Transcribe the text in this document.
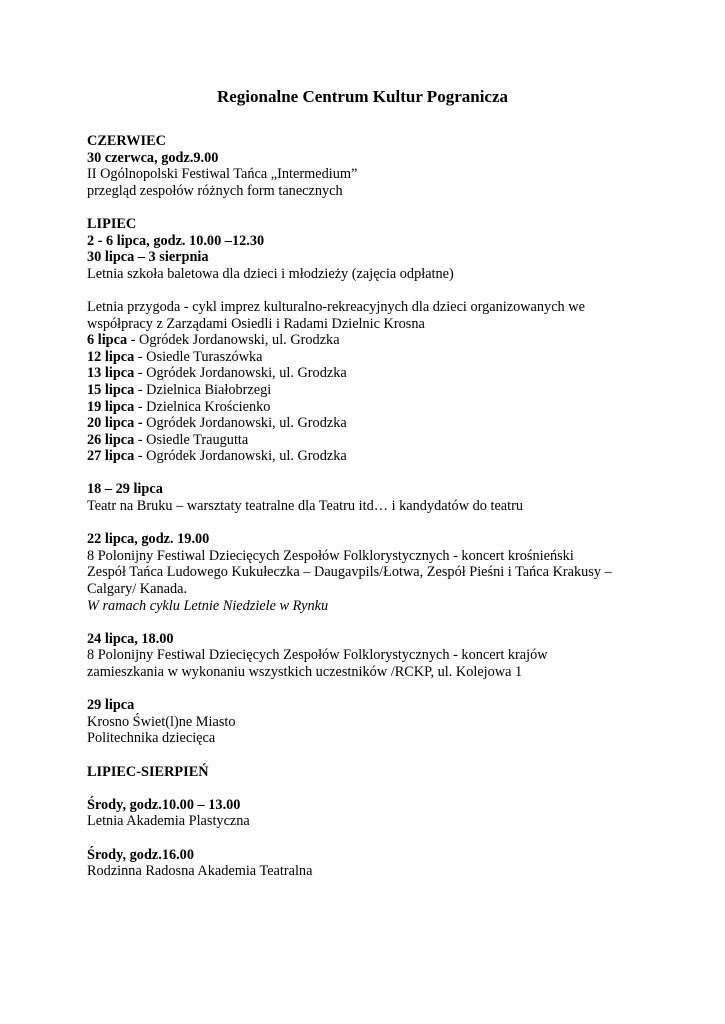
Regionalne Centrum Kultur Pogranicza
CZERWIEC
30 czerwca, godz.9.00
II Ogólnopolski Festiwal Tańca „Intermedium”
przegląd zespołów różnych form tanecznych
LIPIEC
2 - 6 lipca, godz. 10.00 –12.30
30 lipca – 3 sierpnia
Letnia szkoła baletowa dla dzieci i młodzieży (zajęcia odpłatne)
Letnia przygoda - cykl imprez kulturalno-rekreacyjnych dla dzieci organizowanych we
współpracy z Zarządami Osiedli i Radami Dzielnic Krosna
6 lipca - Ogródek Jordanowski, ul. Grodzka
12 lipca - Osiedle Turaszówka
13 lipca - Ogródek Jordanowski, ul. Grodzka
15 lipca - Dzielnica Białobrzegi
19 lipca - Dzielnica Krościenko
20 lipca - Ogródek Jordanowski, ul. Grodzka
26 lipca - Osiedle Traugutta
27 lipca - Ogródek Jordanowski, ul. Grodzka
18 – 29 lipca
Teatr na Bruku – warsztaty teatralne dla Teatru itd… i kandydatów do teatru
22 lipca, godz. 19.00
8 Polonijny Festiwal Dziecięcych Zespołów Folklorystycznych - koncert krośnieński
Zespół Tańca Ludowego Kukułeczka – Daugavpils/Łotwa, Zespół Pieśni i Tańca Krakusy –
Calgary/ Kanada.
W ramach cyklu Letnie Niedziele w Rynku
24 lipca, 18.00
8 Polonijny Festiwal Dziecięcych Zespołów Folklorystycznych - koncert krajów
zamieszkania w wykonaniu wszystkich uczestników /RCKP, ul. Kolejowa 1
29 lipca
Krosno Świet(l)ne Miasto
Politechnika dziecięca
LIPIEC-SIERPIEŃ
Środy, godz.10.00 – 13.00
Letnia Akademia Plastyczna
Środy, godz.16.00
Rodzinna Radosna Akademia Teatralna
